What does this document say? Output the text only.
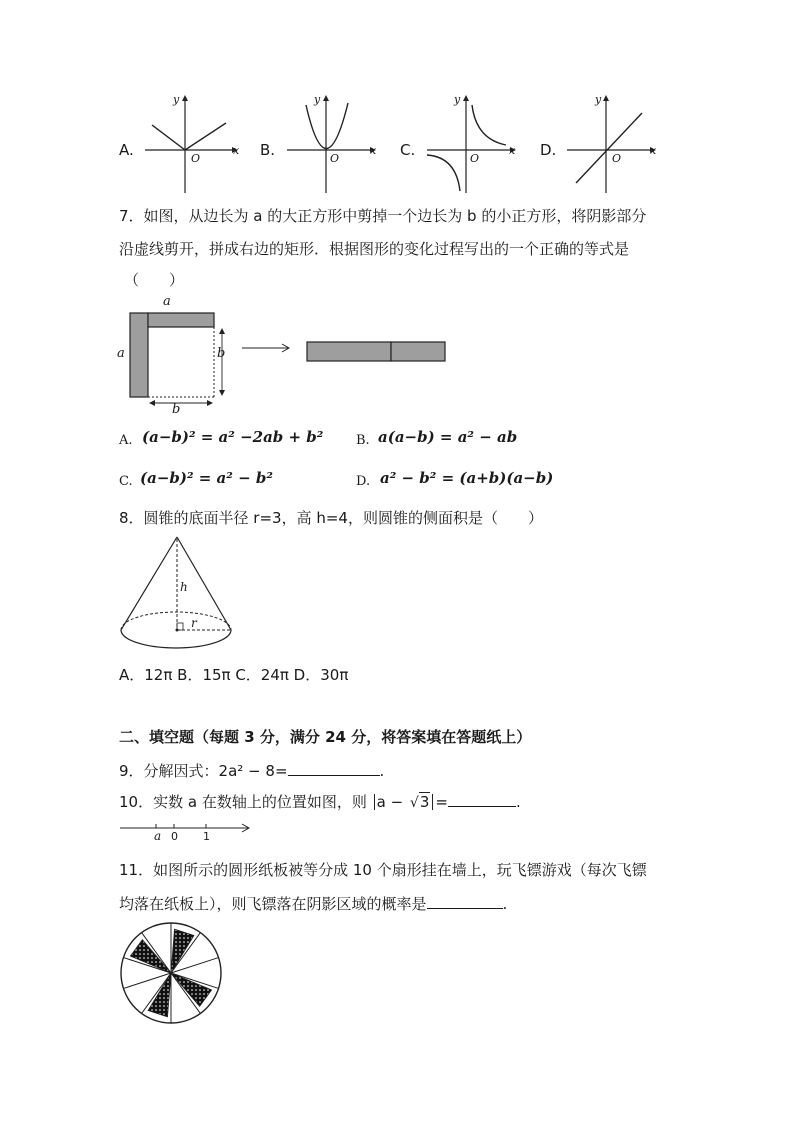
A.
y
x
O	B.
y
x
O	C.
y
x
O	D.
y
x
O
7．如图，从边长为 a 的大正方形中剪掉一个边长为 b 的小正方形，将阴影部分
沿虚线剪开，拼成右边的矩形．根据图形的变化过程写出的一个正确的等式是
（　　）
a
a	b
b
A. (a−b)² = a² −2ab + b²	B. a(a−b) = a² − ab
C. (a−b)² = a² − b²	D. a² − b² = (a+b)(a−b)
8．圆锥的底面半径 r=3，高 h=4，则圆锥的侧面积是（　　）
h
r
A．12π B．15π C．24π D．30π
二、填空题（每题 3 分，满分 24 分，将答案填在答题纸上）
9．分解因式：2a² − 8=	.
10．实数 a 在数轴上的位置如图，则 a − √3 =	.
a 0 1
11．如图所示的圆形纸板被等分成 10 个扇形挂在墙上，玩飞镖游戏（每次飞镖
均落在纸板上），则飞镖落在阴影区域的概率是	.
